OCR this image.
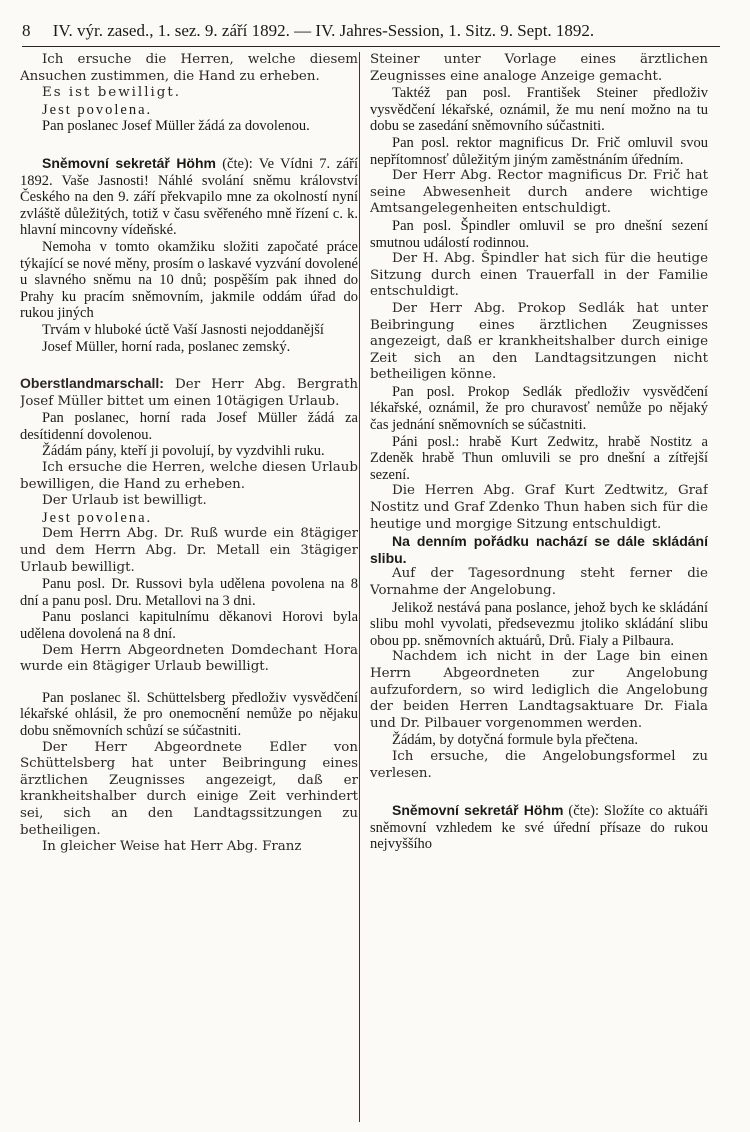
8 IV. výr. zased., 1. sez. 9. září 1892. — IV. Jahres-Session, 1. Sitz. 9. Sept. 1892.

Ich ersuche die Herren, welche diesem Ansuchen zustimmen, die Hand zu erheben.

Es ist bewilligt.

Jest povolena.

Pan poslanec Josef Müller žádá za dovolenou.

Sněmovní sekretář Höhm (čte): Ve Vídni 7. září 1892. Vaše Jasnosti! Náhlé svolání sněmu království Českého na den 9. září překvapilo mne za okolností nyní zvláště důležitých, totiž v času svěřeného mně řízení c. k. hlavní mincovny vídeňské.

Nemoha v tomto okamžiku složiti započaté práce týkající se nové měny, prosím o laskavé vyzvání dovolené u slavného sněmu na 10 dnů; pospěším pak ihned do Prahy ku pracím sněmovním, jakmile oddám úřad do rukou jiných

Trvám v hluboké úctě Vaší Jasnosti nejoddanější

Josef Müller, horní rada, poslanec zemský.

Oberstlandmarschall: Der Herr Abg. Bergrath Josef Müller bittet um einen 10tägigen Urlaub.

Pan poslanec, horní rada Josef Müller žádá za desítidenní dovolenou.

Žádám pány, kteří ji povolují, by vyzdvihli ruku.

Ich ersuche die Herren, welche diesen Urlaub bewilligen, die Hand zu erheben.

Der Urlaub ist bewilligt.

Jest povolena.

Dem Herrn Abg. Dr. Ruß wurde ein 8tägiger und dem Herrn Abg. Dr. Metall ein 3tägiger Urlaub bewilligt.

Panu posl. Dr. Russovi byla udělena povolena na 8 dní a panu posl. Dru. Metallovi na 3 dni.

Panu poslanci kapitulnímu děkanovi Horovi byla udělena dovolená na 8 dní.

Dem Herrn Abgeordneten Domdechant Hora wurde ein 8tägiger Urlaub bewilligt.

Pan poslanec šl. Schüttelsberg předloživ vysvědčení lékařské ohlásil, že pro onemocnění nemůže po nějaku dobu sněmovních schůzí se súčastniti.

Der Herr Abgeordnete Edler von Schüttelsberg hat unter Beibringung eines ärztlichen Zeugnisses angezeigt, daß er krankheitshalber durch einige Zeit verhindert sei, sich an den Landtagssitzungen zu betheiligen.

In gleicher Weise hat Herr Abg. Franz

Steiner unter Vorlage eines ärztlichen Zeugnisses eine analoge Anzeige gemacht.

Taktéž pan posl. František Steiner předloživ vysvědčení lékařské, oznámil, že mu není možno na tu dobu se zasedání sněmovního súčastniti.

Pan posl. rektor magnificus Dr. Frič omluvil svou nepřítomnosť důležitým jiným zaměstnáním úředním.

Der Herr Abg. Rector magnificus Dr. Frič hat seine Abwesenheit durch andere wichtige Amtsangelegenheiten entschuldigt.

Pan posl. Špindler omluvil se pro dnešní sezení smutnou událostí rodinnou.

Der H. Abg. Špindler hat sich für die heutige Sitzung durch einen Trauerfall in der Familie entschuldigt.

Der Herr Abg. Prokop Sedlák hat unter Beibringung eines ärztlichen Zeugnisses angezeigt, daß er krankheitshalber durch einige Zeit sich an den Landtagsitzungen nicht betheiligen könne.

Pan posl. Prokop Sedlák předloživ vysvědčení lékařské, oznámil, že pro churavosť nemůže po nějaký čas jednání sněmovních se súčastniti.

Páni posl.: hrabě Kurt Zedwitz, hrabě Nostitz a Zdeněk hrabě Thun omluvili se pro dnešní a zítřejší sezení.

Die Herren Abg. Graf Kurt Zedtwitz, Graf Nostitz und Graf Zdenko Thun haben sich für die heutige und morgige Sitzung entschuldigt.

Na denním pořádku nachází se dále skládání slibu.

Auf der Tagesordnung steht ferner die Vornahme der Angelobung.

Jelikož nestává pana poslance, jehož bych ke skládání slibu mohl vyvolati, předsevezmu jtoliko skládání slibu obou pp. sněmovních aktuárů, Drů. Fialy a Pilbaura.

Nachdem ich nicht in der Lage bin einen Herrn Abgeordneten zur Angelobung aufzufordern, so wird lediglich die Angelobung der beiden Herren Landtagsaktuare Dr. Fiala und Dr. Pilbauer vorgenommen werden.

Žádám, by dotyčná formule byla přečtena.

Ich ersuche, die Angelobungsformel zu verlesen.

Sněmovní sekretář Höhm (čte): Složíte co aktuáři sněmovní vzhledem ke své úřední přísaze do rukou nejvyššího
